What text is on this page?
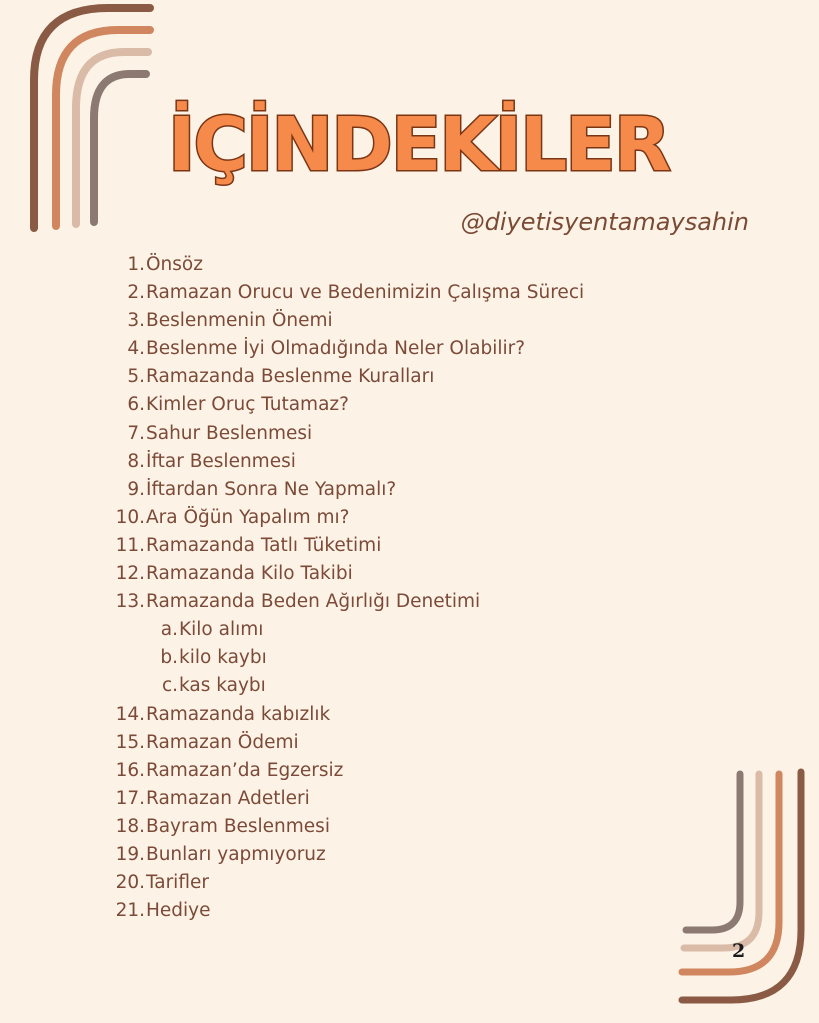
İÇİNDEKİLER
@diyetisyentamaysahin
1. Önsöz
2. Ramazan Orucu ve Bedenimizin Çalışma Süreci
3. Beslenmenin Önemi
4. Beslenme İyi Olmadığında Neler Olabilir?
5. Ramazanda Beslenme Kuralları
6. Kimler Oruç Tutamaz?
7. Sahur Beslenmesi
8. İftar Beslenmesi
9. İftardan Sonra Ne Yapmalı?
10. Ara Öğün Yapalım mı?
11. Ramazanda Tatlı Tüketimi
12. Ramazanda Kilo Takibi
13. Ramazanda Beden Ağırlığı Denetimi
a. Kilo alımı
b. kilo kaybı
c. kas kaybı
14. Ramazanda kabızlık
15. Ramazan Ödemi
16. Ramazan’da Egzersiz
17. Ramazan Adetleri
18. Bayram Beslenmesi
19. Bunları yapmıyoruz
20. Tarifler
21. Hediye
2
